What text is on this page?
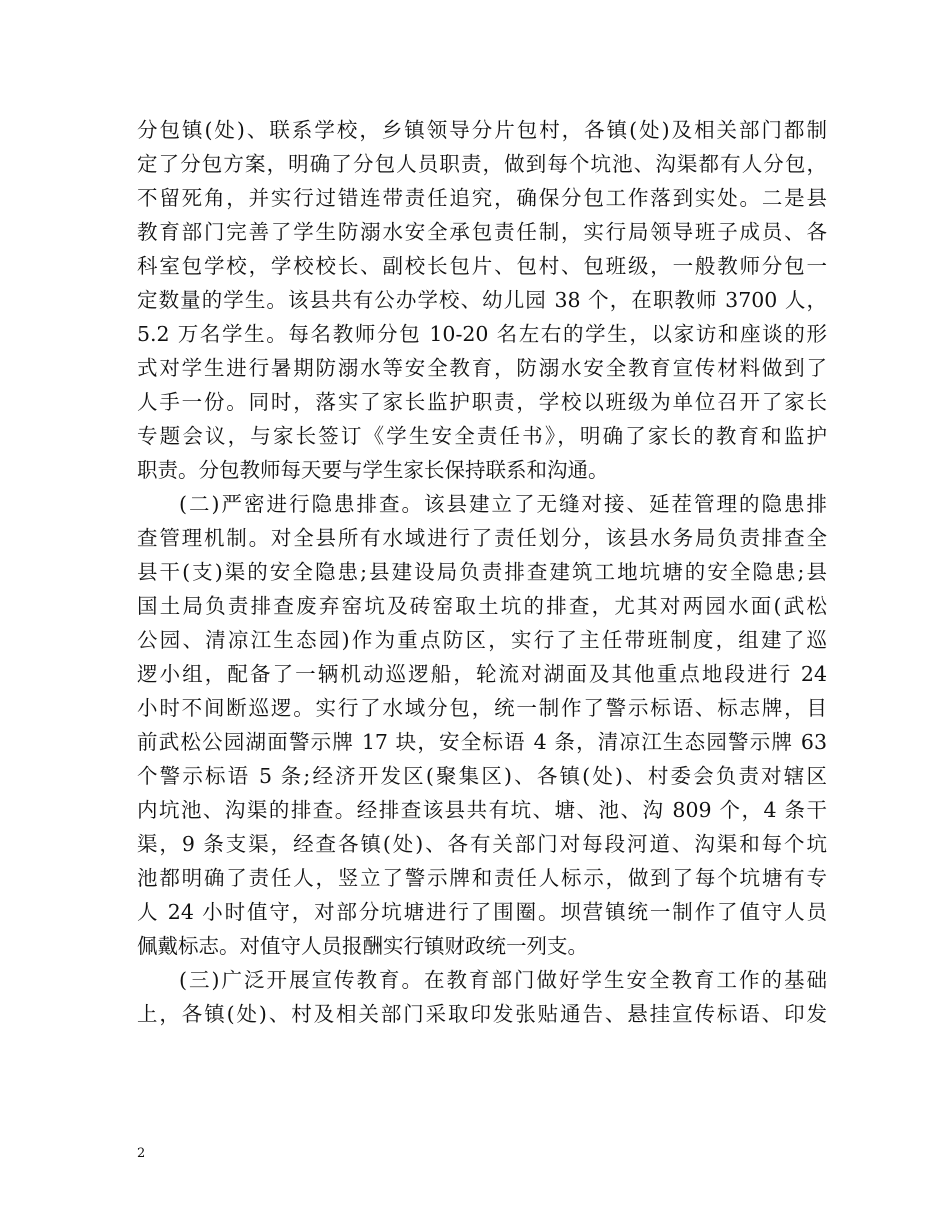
分包镇(处)、联系学校，乡镇领导分片包村，各镇(处)及相关部门都制
定了分包方案，明确了分包人员职责，做到每个坑池、沟渠都有人分包，
不留死角，并实行过错连带责任追究，确保分包工作落到实处。二是县
教育部门完善了学生防溺水安全承包责任制，实行局领导班子成员、各
科室包学校，学校校长、副校长包片、包村、包班级，一般教师分包一
定数量的学生。该县共有公办学校、幼儿园 38 个，在职教师 3700 人，
5.2 万名学生。每名教师分包 10-20 名左右的学生，以家访和座谈的形
式对学生进行暑期防溺水等安全教育，防溺水安全教育宣传材料做到了
人手一份。同时，落实了家长监护职责，学校以班级为单位召开了家长
专题会议，与家长签订《学生安全责任书》，明确了家长的教育和监护
职责。分包教师每天要与学生家长保持联系和沟通。
(二)严密进行隐患排查。该县建立了无缝对接、延茬管理的隐患排
查管理机制。对全县所有水域进行了责任划分，该县水务局负责排查全
县干(支)渠的安全隐患;县建设局负责排查建筑工地坑塘的安全隐患;县
国土局负责排查废弃窑坑及砖窑取土坑的排查，尤其对两园水面(武松
公园、清凉江生态园)作为重点防区，实行了主任带班制度，组建了巡
逻小组，配备了一辆机动巡逻船，轮流对湖面及其他重点地段进行 24
小时不间断巡逻。实行了水域分包，统一制作了警示标语、标志牌，目
前武松公园湖面警示牌 17 块，安全标语 4 条，清凉江生态园警示牌 63
个警示标语 5 条;经济开发区(聚集区)、各镇(处)、村委会负责对辖区
内坑池、沟渠的排查。经排查该县共有坑、塘、池、沟 809 个，4 条干
渠，9 条支渠，经查各镇(处)、各有关部门对每段河道、沟渠和每个坑
池都明确了责任人，竖立了警示牌和责任人标示，做到了每个坑塘有专
人 24 小时值守，对部分坑塘进行了围圈。坝营镇统一制作了值守人员
佩戴标志。对值守人员报酬实行镇财政统一列支。
(三)广泛开展宣传教育。在教育部门做好学生安全教育工作的基础
上，各镇(处)、村及相关部门采取印发张贴通告、悬挂宣传标语、印发
2
